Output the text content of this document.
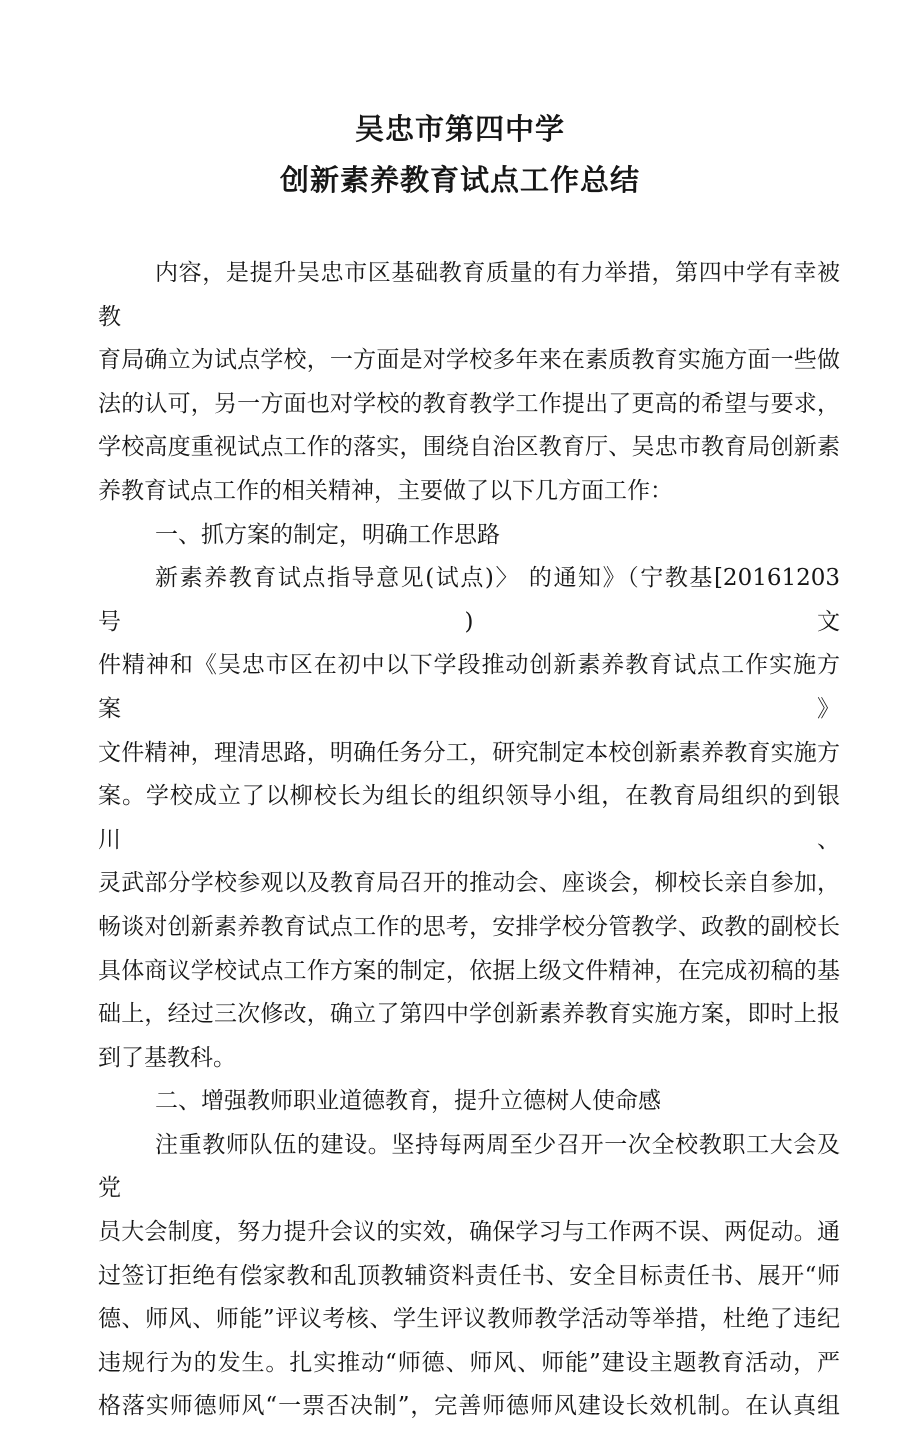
吴忠市第四中学
创新素养教育试点工作总结
内容，是提升吴忠市区基础教育质量的有力举措，第四中学有幸被教
育局确立为试点学校，一方面是对学校多年来在素质教育实施方面一些做
法的认可，另一方面也对学校的教育教学工作提出了更高的希望与要求，
学校高度重视试点工作的落实，围绕自治区教育厅、吴忠市教育局创新素
养教育试点工作的相关精神，主要做了以下几方面工作：
一、抓方案的制定，明确工作思路
新素养教育试点指导意见(试点)〉 的通知》（宁教基[20161203 号)文
件精神和《吴忠市区在初中以下学段推动创新素养教育试点工作实施方案》
文件精神，理清思路，明确任务分工，研究制定本校创新素养教育实施方
案。学校成立了以柳校长为组长的组织领导小组，在教育局组织的到银川、
灵武部分学校参观以及教育局召开的推动会、座谈会，柳校长亲自参加，
畅谈对创新素养教育试点工作的思考，安排学校分管教学、政教的副校长
具体商议学校试点工作方案的制定，依据上级文件精神，在完成初稿的基
础上，经过三次修改，确立了第四中学创新素养教育实施方案，即时上报
到了基教科。
二、增强教师职业道德教育，提升立德树人使命感
注重教师队伍的建设。坚持每两周至少召开一次全校教职工大会及党
员大会制度，努力提升会议的实效，确保学习与工作两不误、两促动。通
过签订拒绝有偿家教和乱顶教辅资料责任书、安全目标责任书、展开“师
德、师风、师能”评议考核、学生评议教师教学活动等举措，杜绝了违纪
违规行为的发生。扎实推动“师德、师风、师能”建设主题教育活动，严
格落实师德师风“一票否决制”，完善师德师风建设长效机制。在认真组
